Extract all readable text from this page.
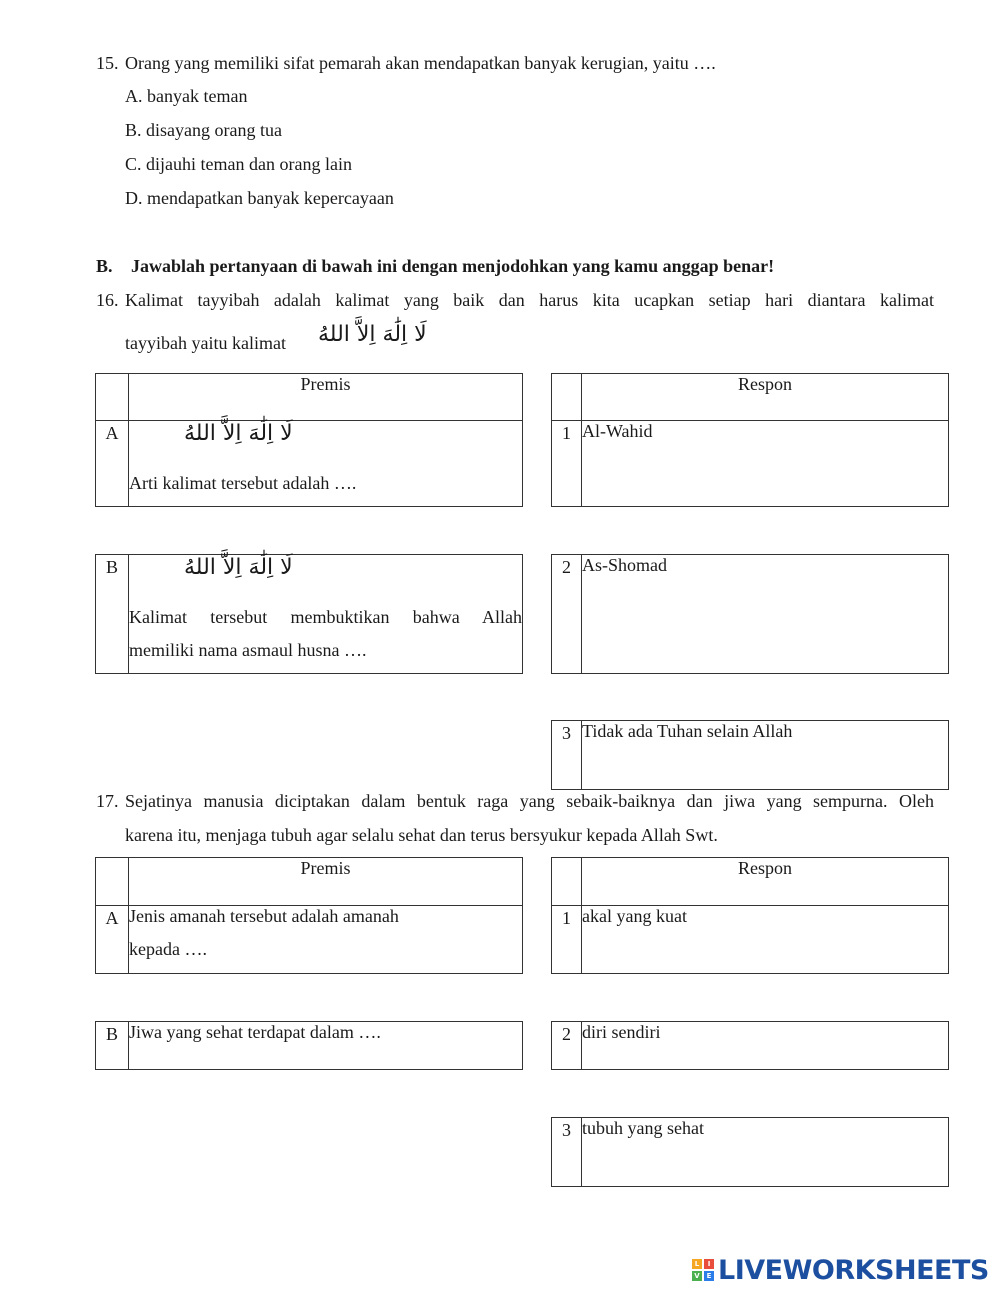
15. Orang yang memiliki sifat pemarah akan mendapatkan banyak kerugian, yaitu ….
A. banyak teman
B. disayang orang tua
C. dijauhi teman dan orang lain
D. mendapatkan banyak kepercayaan
B. Jawablah pertanyaan di bawah ini dengan menjodohkan yang kamu anggap benar!
16. Kalimat tayyibah adalah kalimat yang baik dan harus kita ucapkan setiap hari diantara kalimat
tayyibah yaitu kalimat لَا اِلَٰهَ اِلاَّ اللهُ
	Premis
A	لَا اِلَٰهَ اِلاَّ اللهُ
Arti kalimat tersebut adalah ….
B	لَا اِلَٰهَ اِلاَّ اللهُ
Kalimat tersebut membuktikan bahwa Allah
memiliki nama asmaul husna ….
	Respon
1	Al-Wahid
2	As-Shomad
3	Tidak ada Tuhan selain Allah
17. Sejatinya manusia diciptakan dalam bentuk raga yang sebaik-baiknya dan jiwa yang sempurna. Oleh
karena itu, menjaga tubuh agar selalu sehat dan terus bersyukur kepada Allah Swt.
	Premis
A	Jenis amanah tersebut adalah amanah
kepada ….
B	Jiwa yang sehat terdapat dalam ….
	Respon
1	akal yang kuat
2	diri sendiri
3	tubuh yang sehat
L	I
V E LIVEWORKSHEETS
